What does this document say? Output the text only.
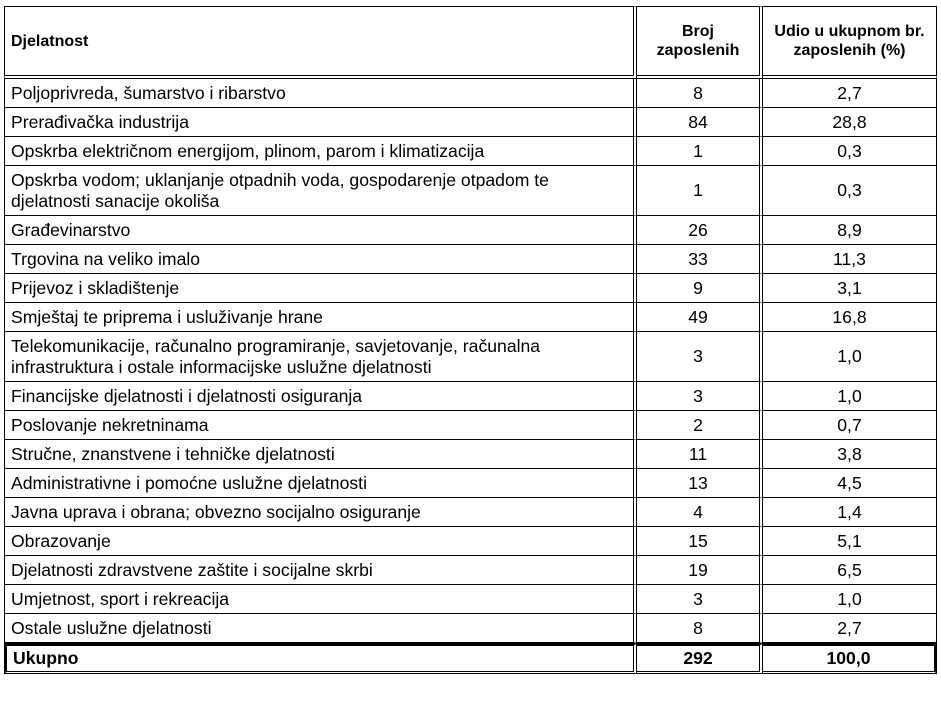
Djelatnost	Broj zaposlenih	Udio u ukupnom br. zaposlenih (%)
Poljoprivreda, šumarstvo i ribarstvo	8	2,7
Prerađivačka industrija	84	28,8
Opskrba električnom energijom, plinom, parom i klimatizacija	1	0,3
Opskrba vodom; uklanjanje otpadnih voda, gospodarenje otpadom te djelatnosti sanacije okoliša	1	0,3
Građevinarstvo	26	8,9
Trgovina na veliko imalo	33	11,3
Prijevoz i skladištenje	9	3,1
Smještaj te priprema i usluživanje hrane	49	16,8
Telekomunikacije, računalno programiranje, savjetovanje, računalna infrastruktura i ostale informacijske uslužne djelatnosti	3	1,0
Financijske djelatnosti i djelatnosti osiguranja	3	1,0
Poslovanje nekretninama	2	0,7
Stručne, znanstvene i tehničke djelatnosti	11	3,8
Administrativne i pomoćne uslužne djelatnosti	13	4,5
Javna uprava i obrana; obvezno socijalno osiguranje	4	1,4
Obrazovanje	15	5,1
Djelatnosti zdravstvene zaštite i socijalne skrbi	19	6,5
Umjetnost, sport i rekreacija	3	1,0
Ostale uslužne djelatnosti	8	2,7
Ukupno	292	100,0
